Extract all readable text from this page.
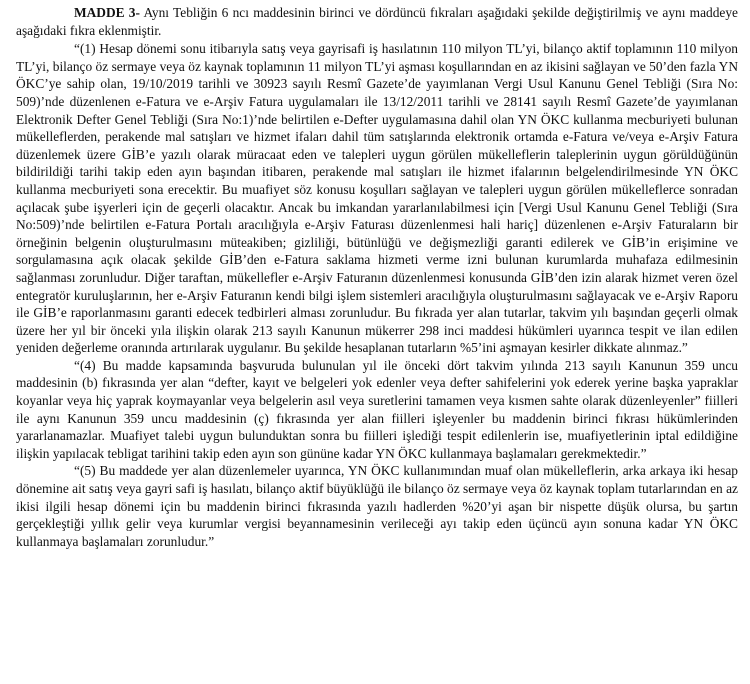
MADDE 3- Aynı Tebliğin 6 ncı maddesinin birinci ve dördüncü fıkraları aşağıdaki şekilde değiştirilmiş ve aynı maddeye aşağıdaki fıkra eklenmiştir.

“(1) Hesap dönemi sonu itibarıyla satış veya gayrisafi iş hasılatının 110 milyon TL’yi, bilanço aktif toplamının 110 milyon TL’yi, bilanço öz sermaye veya öz kaynak toplamının 11 milyon TL’yi aşması koşullarından en az ikisini sağlayan ve 50’den fazla YN ÖKC’ye sahip olan, 19/10/2019 tarihli ve 30923 sayılı Resmî Gazete’de yayımlanan Vergi Usul Kanunu Genel Tebliği (Sıra No: 509)’nde düzenlenen e-Fatura ve e-Arşiv Fatura uygulamaları ile 13/12/2011 tarihli ve 28141 sayılı Resmî Gazete’de yayımlanan Elektronik Defter Genel Tebliği (Sıra No:1)’nde belirtilen e-Defter uygulamasına dahil olan YN ÖKC kullanma mecburiyeti bulunan mükelleflerden, perakende mal satışları ve hizmet ifaları dahil tüm satışlarında elektronik ortamda e-Fatura ve/veya e-Arşiv Fatura düzenlemek üzere GİB’e yazılı olarak müracaat eden ve talepleri uygun görülen mükelleflerin taleplerinin uygun görüldüğünün bildirildiği tarihi takip eden ayın başından itibaren, perakende mal satışları ile hizmet ifalarının belgelendirilmesinde YN ÖKC kullanma mecburiyeti sona erecektir. Bu muafiyet söz konusu koşulları sağlayan ve talepleri uygun görülen mükelleflerce sonradan açılacak şube işyerleri için de geçerli olacaktır. Ancak bu imkandan yararlanılabilmesi için [Vergi Usul Kanunu Genel Tebliği (Sıra No:509)’nde belirtilen e-Fatura Portalı aracılığıyla e-Arşiv Faturası düzenlenmesi hali hariç] düzenlenen e-Arşiv Faturaların bir örneğinin belgenin oluşturulmasını müteakiben; gizliliği, bütünlüğü ve değişmezliği garanti edilerek ve GİB’in erişimine ve sorgulamasına açık olacak şekilde GİB’den e-Fatura saklama hizmeti verme izni bulunan kurumlarda muhafaza edilmesinin sağlanması zorunludur. Diğer taraftan, mükellefler e-Arşiv Faturanın düzenlenmesi konusunda GİB’den izin alarak hizmet veren özel entegratör kuruluşlarının, her e-Arşiv Faturanın kendi bilgi işlem sistemleri aracılığıyla oluşturulmasını sağlayacak ve e-Arşiv Raporu ile GİB’e raporlanmasını garanti edecek tedbirleri alması zorunludur. Bu fıkrada yer alan tutarlar, takvim yılı başından geçerli olmak üzere her yıl bir önceki yıla ilişkin olarak 213 sayılı Kanunun mükerrer 298 inci maddesi hükümleri uyarınca tespit ve ilan edilen yeniden değerleme oranında artırılarak uygulanır. Bu şekilde hesaplanan tutarların %5’ini aşmayan kesirler dikkate alınmaz.”

“(4) Bu madde kapsamında başvuruda bulunulan yıl ile önceki dört takvim yılında 213 sayılı Kanunun 359 uncu maddesinin (b) fıkrasında yer alan “defter, kayıt ve belgeleri yok edenler veya defter sahifelerini yok ederek yerine başka yapraklar koyanlar veya hiç yaprak koymayanlar veya belgelerin asıl veya suretlerini tamamen veya kısmen sahte olarak düzenleyenler” fiilleri ile aynı Kanunun 359 uncu maddesinin (ç) fıkrasında yer alan fiilleri işleyenler bu maddenin birinci fıkrası hükümlerinden yararlanamazlar. Muafiyet talebi uygun bulunduktan sonra bu fiilleri işlediği tespit edilenlerin ise, muafiyetlerinin iptal edildiğine ilişkin yapılacak tebligat tarihini takip eden ayın son gününe kadar YN ÖKC kullanmaya başlamaları gerekmektedir.”

“(5) Bu maddede yer alan düzenlemeler uyarınca, YN ÖKC kullanımından muaf olan mükelleflerin, arka arkaya iki hesap dönemine ait satış veya gayri safi iş hasılatı, bilanço aktif büyüklüğü ile bilanço öz sermaye veya öz kaynak toplam tutarlarından en az ikisi ilgili hesap dönemi için bu maddenin birinci fıkrasında yazılı hadlerden %20’yi aşan bir nispette düşük olursa, bu şartın gerçekleştiği yıllık gelir veya kurumlar vergisi beyannamesinin verileceği ayı takip eden üçüncü ayın sonuna kadar YN ÖKC kullanmaya başlamaları zorunludur.”
